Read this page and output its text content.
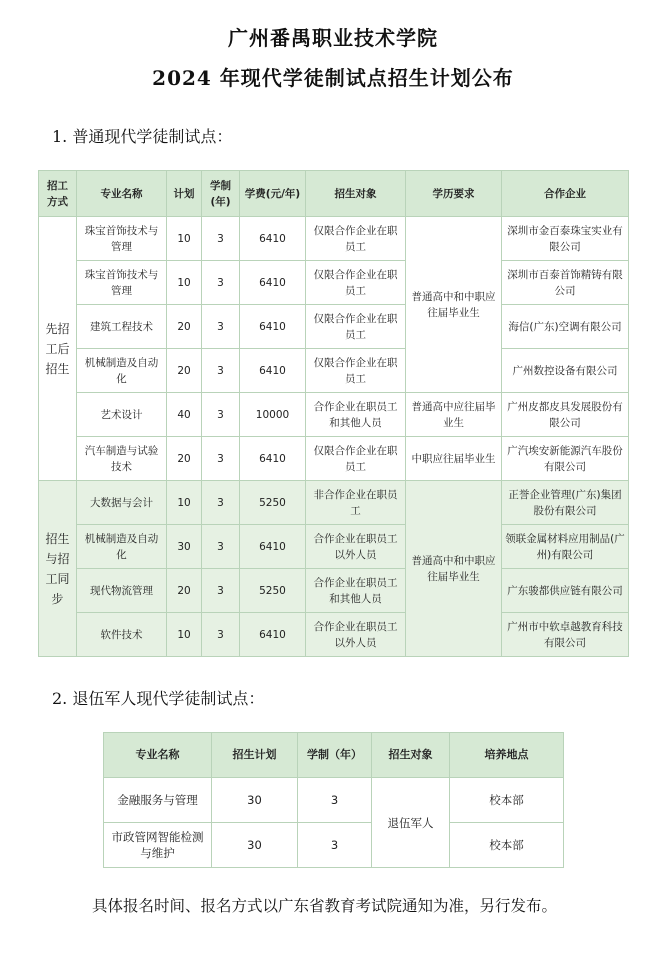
广州番禺职业技术学院
2024 年现代学徒制试点招生计划公布
1. 普通现代学徒制试点：
招工方式	专业名称	计划	学制(年)	学费(元/年)	招生对象	学历要求	合作企业
先招工后招生	珠宝首饰技术与管理	10	3	6410	仅限合作企业在职员工	普通高中和中职应往届毕业生	深圳市金百泰珠宝实业有限公司
	珠宝首饰技术与管理	10	3	6410	仅限合作企业在职员工		深圳市百泰首饰精铸有限公司
	建筑工程技术	20	3	6410	仅限合作企业在职员工		海信(广东)空调有限公司
	机械制造及自动化	20	3	6410	仅限合作企业在职员工		广州数控设备有限公司
	艺术设计	40	3	10000	合作企业在职员工和其他人员	普通高中应往届毕业生	广州皮都皮具发展股份有限公司
	汽车制造与试验技术	20	3	6410	仅限合作企业在职员工	中职应往届毕业生	广汽埃安新能源汽车股份有限公司
招生与招工同步	大数据与会计	10	3	5250	非合作企业在职员工	普通高中和中职应往届毕业生	正誉企业管理(广东)集团股份有限公司
	机械制造及自动化	30	3	6410	合作企业在职员工以外人员		领联金属材料应用制品(广州)有限公司
	现代物流管理	20	3	5250	合作企业在职员工和其他人员		广东骏都供应链有限公司
	软件技术	10	3	6410	合作企业在职员工以外人员		广州市中软卓越教育科技有限公司
2. 退伍军人现代学徒制试点：
专业名称	招生计划	学制（年）	招生对象	培养地点
金融服务与管理	30	3	退伍军人	校本部
市政管网智能检测与维护	30	3		校本部
具体报名时间、报名方式以广东省教育考试院通知为准，另行发布。
